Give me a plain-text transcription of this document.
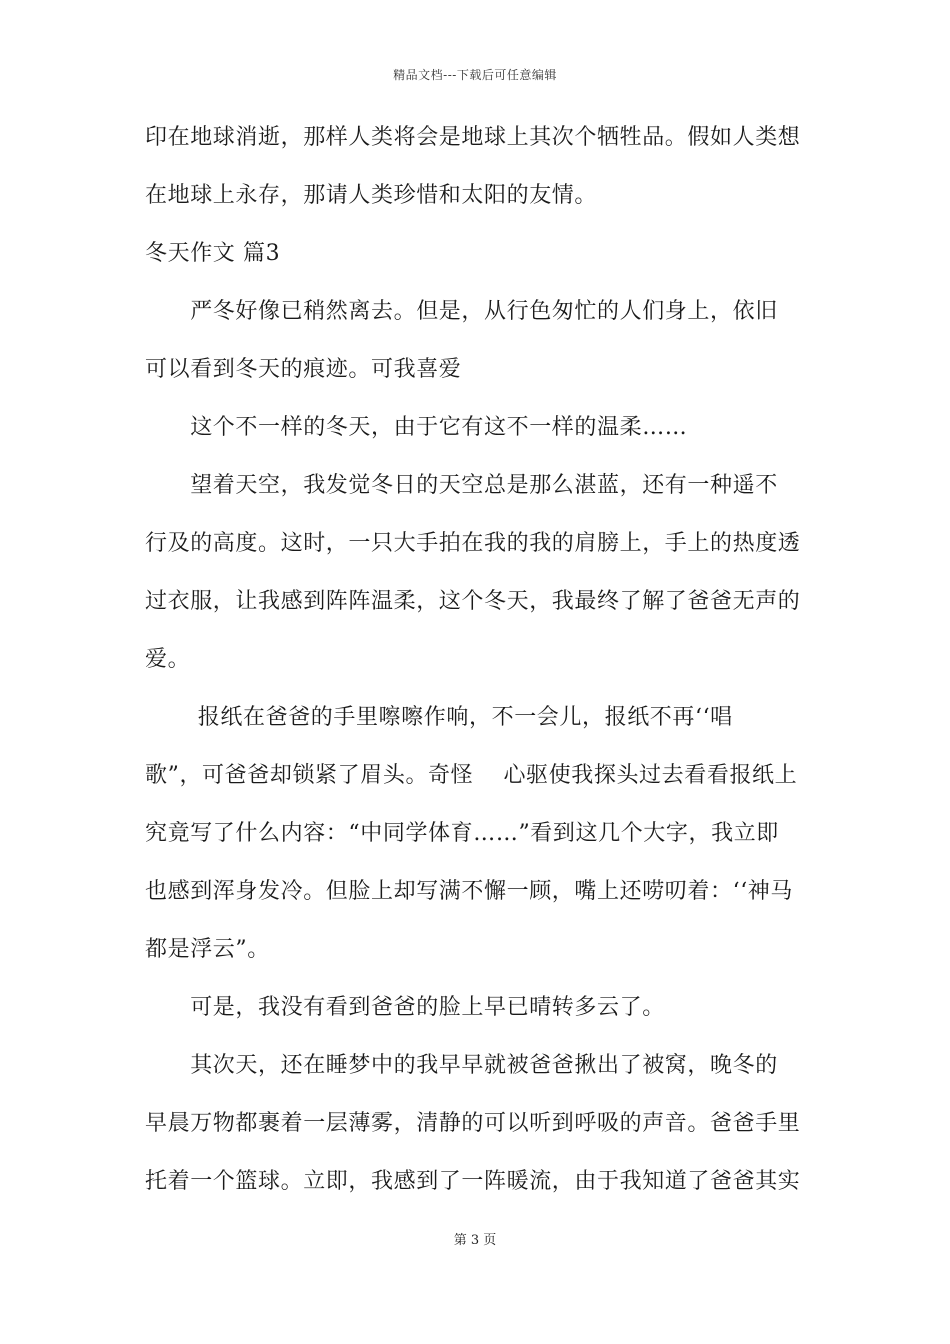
精品文档---下载后可任意编辑

印在地球消逝，那样人类将会是地球上其次个牺牲品。假如人类想

在地球上永存，那请人类珍惜和太阳的友情。

冬天作文 篇3

　　严冬好像已稍然离去。但是，从行色匆忙的人们身上，依旧

可以看到冬天的痕迹。可我喜爱

　　这个不一样的冬天，由于它有这不一样的温柔……

　　望着天空，我发觉冬日的天空总是那么湛蓝，还有一种遥不

行及的高度。这时，一只大手拍在我的我的肩膀上，手上的热度透

过衣服，让我感到阵阵温柔，这个冬天，我最终了解了爸爸无声的

爱。

　　 报纸在爸爸的手里嚓嚓作响，不一会儿，报纸不再‘‘唱

歌”，可爸爸却锁紧了眉头。奇怪　 心驱使我探头过去看看报纸上

究竟写了什么内容：“中同学体育……”看到这几个大字，我立即

也感到浑身发冷。但脸上却写满不懈一顾，嘴上还唠叨着：‘‘神马

都是浮云”。

　　可是，我没有看到爸爸的脸上早已晴转多云了。

　　其次天，还在睡梦中的我早早就被爸爸揪出了被窝，晚冬的

早晨万物都裹着一层薄雾，清静的可以听到呼吸的声音。爸爸手里

托着一个篮球。立即，我感到了一阵暖流，由于我知道了爸爸其实

第 3 页
